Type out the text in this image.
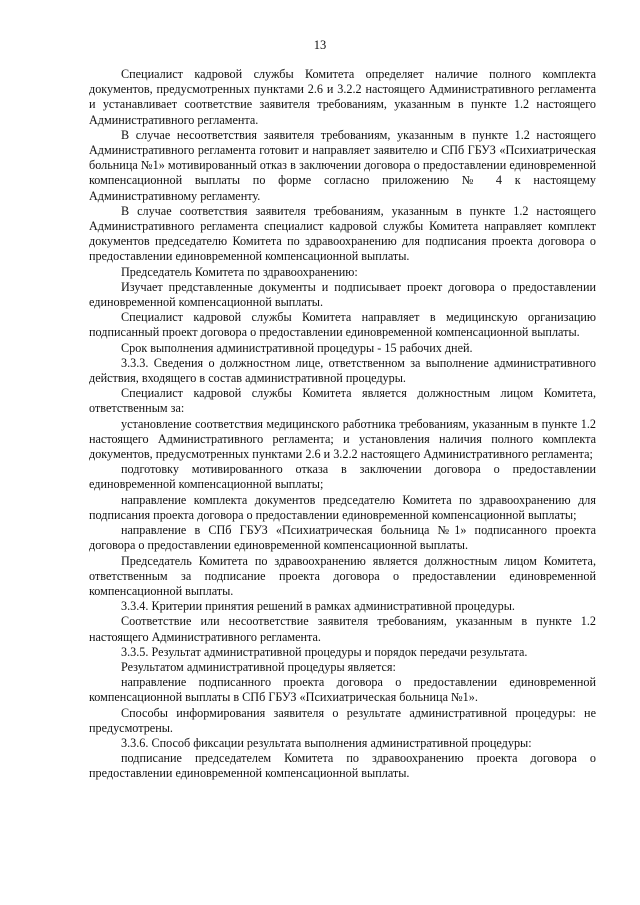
13

Специалист кадровой службы Комитета определяет наличие полного комплекта документов, предусмотренных пунктами 2.6 и 3.2.2 настоящего Административного регламента и устанавливает соответствие заявителя требованиям, указанным в пункте 1.2 настоящего Административного регламента.

В случае несоответствия заявителя требованиям, указанным в пункте 1.2 настоящего Административного регламента готовит и направляет заявителю и СПб ГБУЗ «Психиатрическая больница №1» мотивированный отказ в заключении договора о предоставлении единовременной компенсационной выплаты по форме согласно приложению № 4 к настоящему Административному регламенту.

В случае соответствия заявителя требованиям, указанным в пункте 1.2 настоящего Административного регламента специалист кадровой службы Комитета направляет комплект документов председателю Комитета по здравоохранению для подписания проекта договора о предоставлении единовременной компенсационной выплаты.

Председатель Комитета по здравоохранению:

Изучает представленные документы и подписывает проект договора о предоставлении единовременной компенсационной выплаты.

Специалист кадровой службы Комитета направляет в медицинскую организацию подписанный проект договора о предоставлении единовременной компенсационной выплаты.

Срок выполнения административной процедуры - 15 рабочих дней.

3.3.3. Сведения о должностном лице, ответственном за выполнение административного действия, входящего в состав административной процедуры.

Специалист кадровой службы Комитета является должностным лицом Комитета, ответственным за:

установление соответствия медицинского работника требованиям, указанным в пункте 1.2 настоящего Административного регламента; и установления наличия полного комплекта документов, предусмотренных пунктами 2.6 и 3.2.2 настоящего Административного регламента;

подготовку мотивированного отказа в заключении договора о предоставлении единовременной компенсационной выплаты;

направление комплекта документов председателю Комитета по здравоохранению для подписания проекта договора о предоставлении единовременной компенсационной выплаты;

направление в СПб ГБУЗ «Психиатрическая больница №1» подписанного проекта договора о предоставлении единовременной компенсационной выплаты.

Председатель Комитета по здравоохранению является должностным лицом Комитета, ответственным за подписание проекта договора о предоставлении единовременной компенсационной выплаты.

3.3.4. Критерии принятия решений в рамках административной процедуры.

Соответствие или несоответствие заявителя требованиям, указанным в пункте 1.2 настоящего Административного регламента.

3.3.5. Результат административной процедуры и порядок передачи результата.

Результатом административной процедуры является:

направление подписанного проекта договора о предоставлении единовременной компенсационной выплаты в СПб ГБУЗ «Психиатрическая больница №1».

Способы информирования заявителя о результате административной процедуры: не предусмотрены.

3.3.6. Способ фиксации результата выполнения административной процедуры:

подписание председателем Комитета по здравоохранению проекта договора о предоставлении единовременной компенсационной выплаты.
